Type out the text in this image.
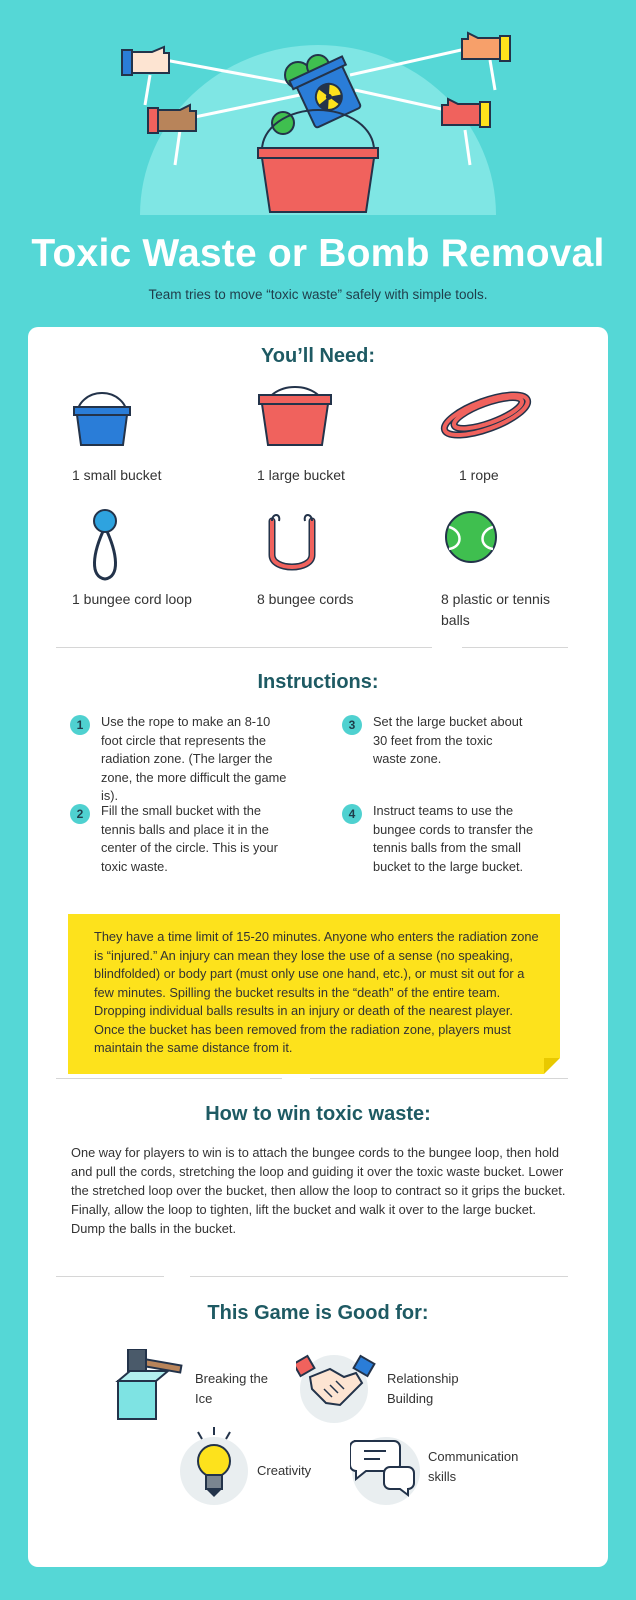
Toxic Waste or Bomb Removal
Team tries to move “toxic waste” safely with simple tools.
You’ll Need:
1 small bucket	1 large bucket	1 rope
1 bungee cord loop	8 bungee cords	8 plastic or tennis balls
Instructions:
1	Use the rope to make an 8-10 foot circle that represents the radiation zone. (The larger the zone, the more difficult the game is).
2	Fill the small bucket with the tennis balls and place it in the center of the circle. This is your toxic waste.
3	Set the large bucket about 30 feet from the toxic waste zone.
4	Instruct teams to use the bungee cords to transfer the tennis balls from the small bucket to the large bucket.
They have a time limit of 15-20 minutes. Anyone who enters the radiation zone is “injured.” An injury can mean they lose the use of a sense (no speaking, blindfolded) or body part (must only use one hand, etc.), or must sit out for a few minutes. Spilling the bucket results in the “death” of the entire team. Dropping individual balls results in an injury or death of the nearest player. Once the bucket has been removed from the radiation zone, players must maintain the same distance from it.
How to win toxic waste:
One way for players to win is to attach the bungee cords to the bungee loop, then hold and pull the cords, stretching the loop and guiding it over the toxic waste bucket. Lower the stretched loop over the bucket, then allow the loop to contract so it grips the bucket. Finally, allow the loop to tighten, lift the bucket and walk it over to the large bucket. Dump the balls in the bucket.
This Game is Good for:
Breaking the Ice
Relationship Building
Creativity
Communication skills
